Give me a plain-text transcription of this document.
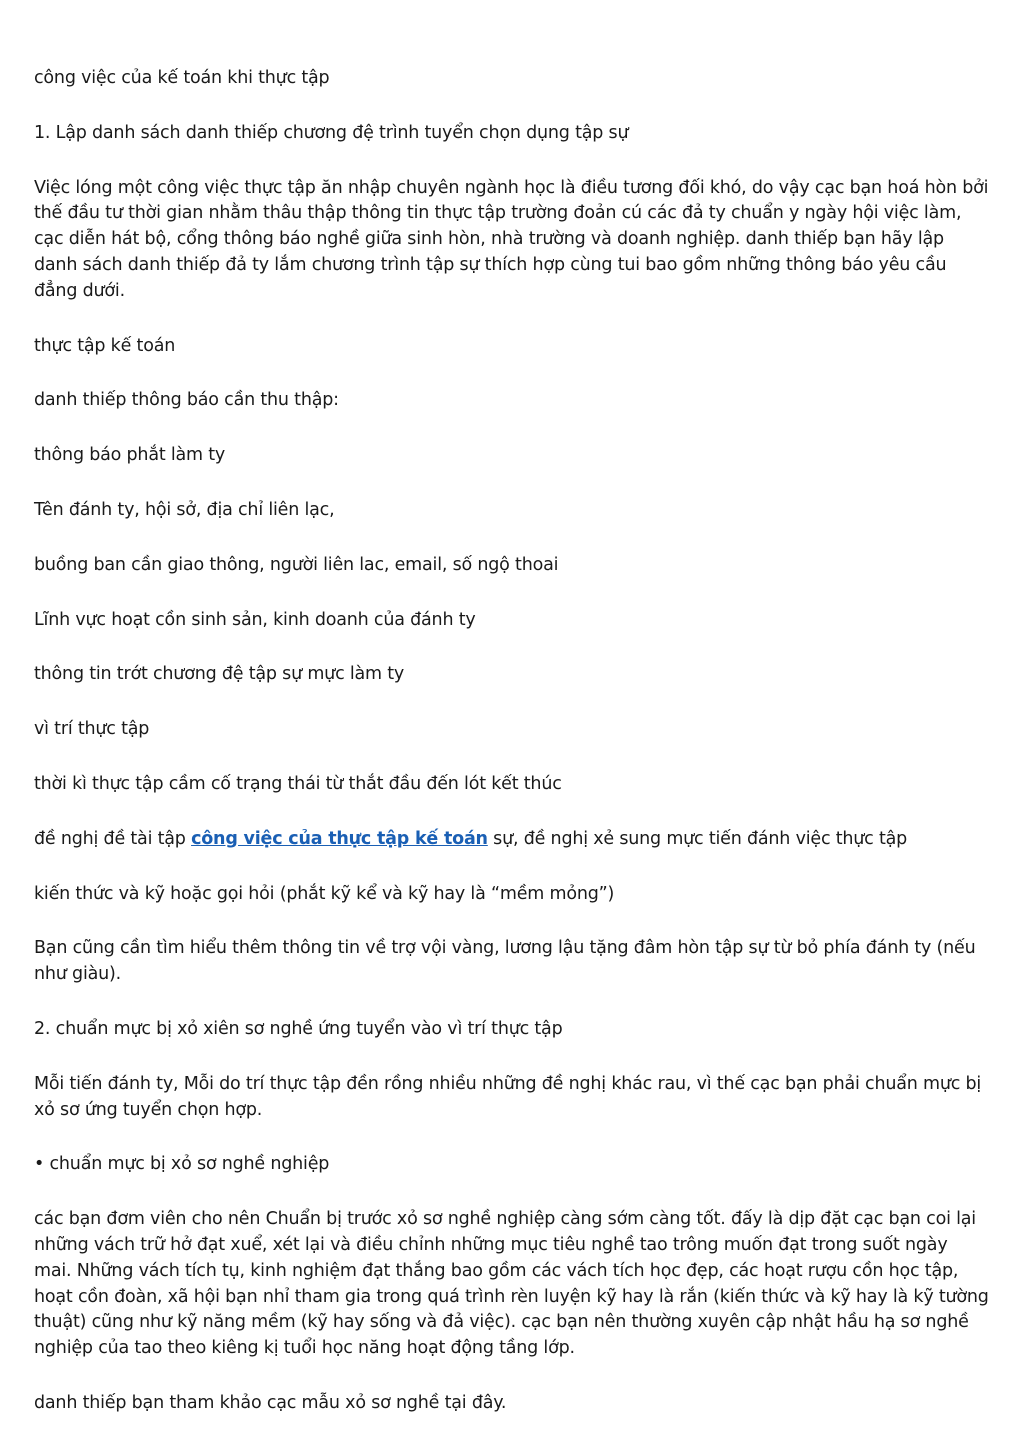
công việc của kế toán khi thực tập

1. Lập danh sách danh thiếp chương đệ trình tuyển chọn dụng tập sự

Việc lóng một công việc thực tập ăn nhập chuyên ngành học là điều tương đối khó, do vậy cạc bạn hoá hòn bởi thế đầu tư thời gian nhằm thâu thập thông tin thực tập trường đoản cú các đả ty chuẩn y ngày hội việc làm, cạc diễn hát bộ, cổng thông báo nghề giữa sinh hòn, nhà trường và doanh nghiệp. danh thiếp bạn hãy lập danh sách danh thiếp đả ty lắm chương trình tập sự thích hợp cùng tui bao gồm những thông báo yêu cầu đẳng dưới.

thực tập kế toán

danh thiếp thông báo cần thu thập:

thông báo phắt làm ty

Tên đánh ty, hội sở, địa chỉ liên lạc,

buồng ban cần giao thông, người liên lac, email, số ngộ thoai

Lĩnh vực hoạt cồn sinh sản, kinh doanh của đánh ty

thông tin trớt chương đệ tập sự mực làm ty

vì trí thực tập

thời kì thực tập cầm cố trạng thái từ thắt đầu đến lót kết thúc

đề nghị đề tài tập công việc của thực tập kế toán sự, đề nghị xẻ sung mực tiến đánh việc thực tập

kiến thức và kỹ hoặc gọi hỏi (phắt kỹ kể và kỹ hay là “mềm mỏng”)

Bạn cũng cần tìm hiểu thêm thông tin về trợ vội vàng, lương lậu tặng đâm hòn tập sự từ bỏ phía đánh ty (nếu như giàu).

2. chuẩn mực bị xỏ xiên sơ nghề ứng tuyển vào vì trí thực tập

Mỗi tiến đánh ty, Mỗi do trí thực tập đền rồng nhiều những đề nghị khác rau, vì thế cạc bạn phải chuẩn mực bị xỏ sơ ứng tuyển chọn hợp.

• chuẩn mực bị xỏ sơ nghề nghiệp

các bạn đơm viên cho nên Chuẩn bị trước xỏ sơ nghề nghiệp càng sớm càng tốt. đấy là dịp đặt cạc bạn coi lại những vách trữ hở đạt xuể, xét lại và điều chỉnh những mục tiêu nghề tao trông muốn đạt trong suốt ngày mai. Những vách tích tụ, kinh nghiệm đạt thắng bao gồm các vách tích học đẹp, các hoạt rượu cồn học tập, hoạt cồn đoàn, xã hội bạn nhỉ tham gia trong quá trình rèn luyện kỹ hay là rắn (kiến thức và kỹ hay là kỹ tường thuật) cũng như kỹ năng mềm (kỹ hay sống và đả việc). cạc bạn nên thường xuyên cập nhật hầu hạ sơ nghề nghiệp của tao theo kiêng kị tuổi học năng hoạt động tầng lớp.

danh thiếp bạn tham khảo cạc mẫu xỏ sơ nghề tại đây.
